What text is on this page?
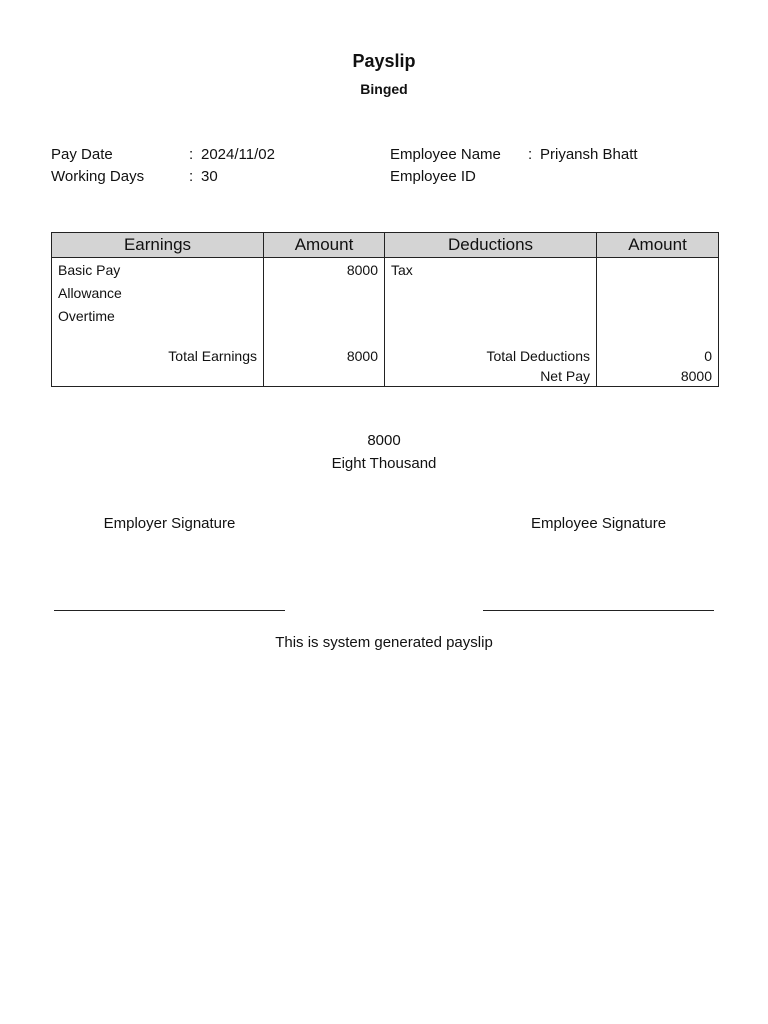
Payslip
Binged
Pay Date	: 2024/11/02
Working Days	: 30
Employee Name : Priyansh Bhatt
Employee ID
Earnings	Amount	Deductions	Amount
Basic Pay	8000	Tax	
Allowance			
Overtime			

Total Earnings	8000	Total Deductions	0
		Net Pay	8000
8000
Eight Thousand
Employer Signature	Employee Signature
This is system generated payslip
